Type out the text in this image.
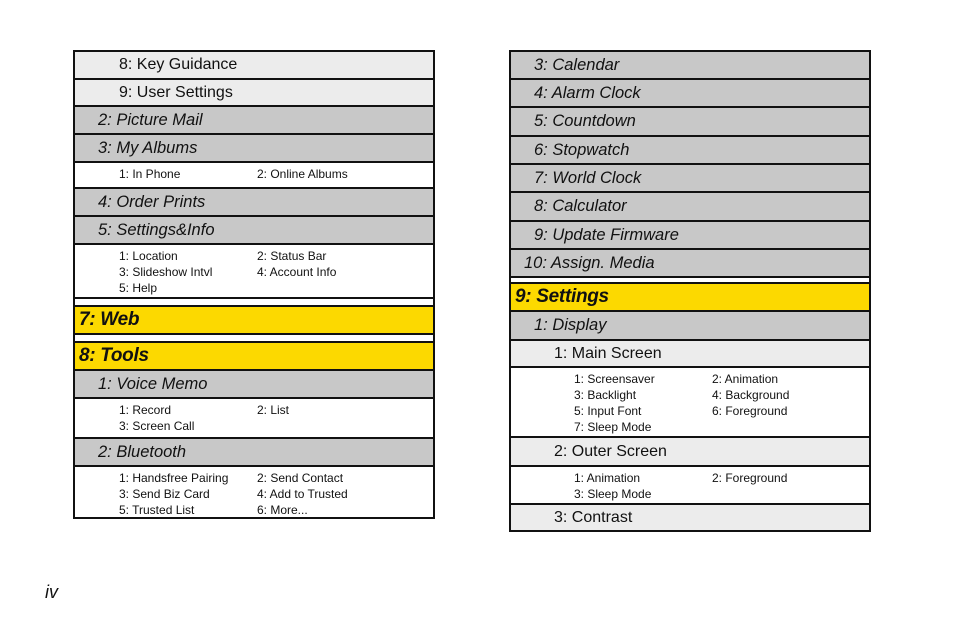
8: Key Guidance
9: User Settings
2: Picture Mail
3: My Albums
1: In Phone	2: Online Albums
4: Order Prints
5: Settings&Info
1: Location	2: Status Bar
3: Slideshow Intvl	4: Account Info
5: Help
7: Web
8: Tools
1: Voice Memo
1: Record	2: List
3: Screen Call
2: Bluetooth
1: Handsfree Pairing	2: Send Contact
3: Send Biz Card	4: Add to Trusted
5: Trusted List	6: More...
3: Calendar
4: Alarm Clock
5: Countdown
6: Stopwatch
7: World Clock
8: Calculator
9: Update Firmware
10: Assign. Media
9: Settings
1: Display
1: Main Screen
1: Screensaver	2: Animation
3: Backlight	4: Background
5: Input Font	6: Foreground
7: Sleep Mode
2: Outer Screen
1: Animation	2: Foreground
3: Sleep Mode
3: Contrast
iv
